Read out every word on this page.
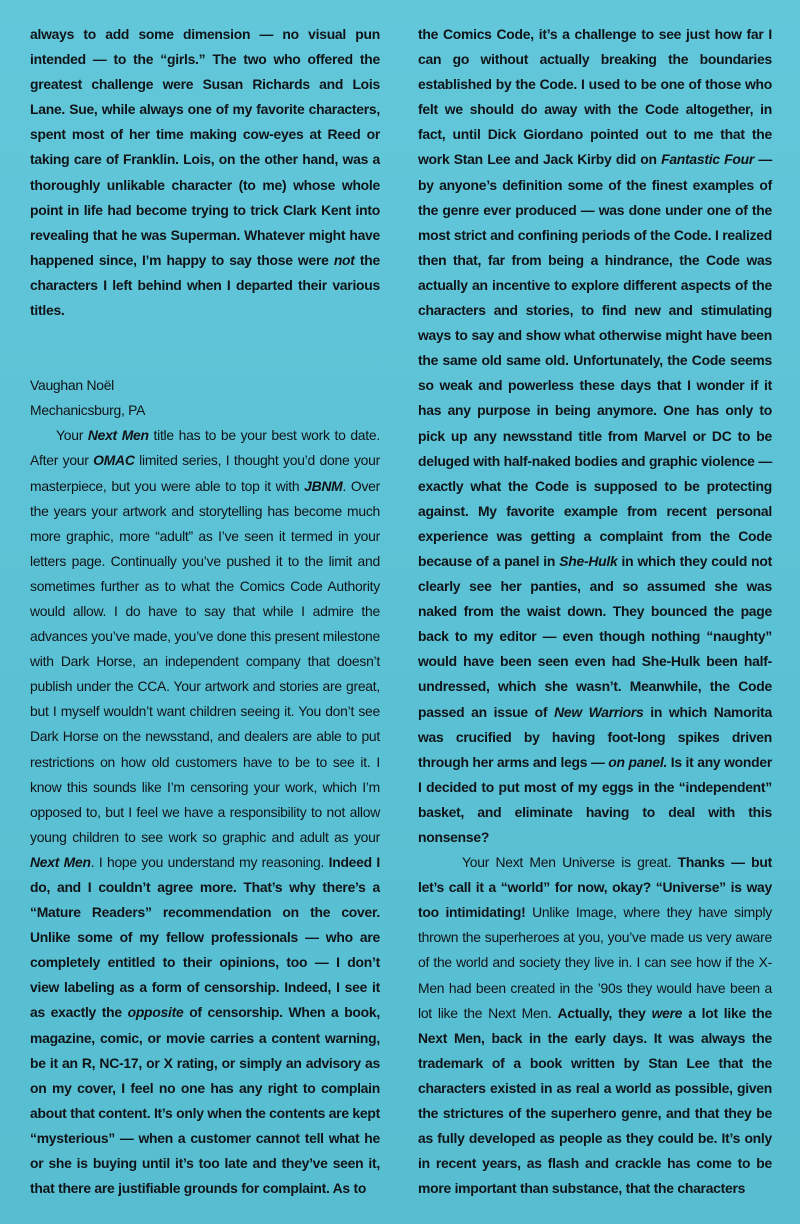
always to add some dimension — no visual pun intended — to the “girls.” The two who offered the greatest challenge were Susan Richards and Lois Lane. Sue, while always one of my favorite characters, spent most of her time making cow-eyes at Reed or taking care of Franklin. Lois, on the other hand, was a thoroughly unlikable character (to me) whose whole point in life had become trying to trick Clark Kent into revealing that he was Superman. Whatever might have happened since, I’m happy to say those were not the characters I left behind when I departed their various titles.

Vaughan Noël
Mechanicsburg, PA

Your Next Men title has to be your best work to date. After your OMAC limited series, I thought you’d done your masterpiece, but you were able to top it with JBNM. Over the years your artwork and storytelling has become much more graphic, more “adult” as I’ve seen it termed in your letters page. Continually you’ve pushed it to the limit and sometimes further as to what the Comics Code Authority would allow. I do have to say that while I admire the advances you’ve made, you’ve done this present milestone with Dark Horse, an independent company that doesn’t publish under the CCA. Your artwork and stories are great, but I myself wouldn’t want children seeing it. You don’t see Dark Horse on the newsstand, and dealers are able to put restrictions on how old customers have to be to see it. I know this sounds like I’m censoring your work, which I’m opposed to, but I feel we have a responsibility to not allow young children to see work so graphic and adult as your Next Men. I hope you understand my reasoning. Indeed I do, and I couldn’t agree more. That’s why there’s a “Mature Readers” recommendation on the cover. Unlike some of my fellow professionals — who are completely entitled to their opinions, too — I don’t view labeling as a form of censorship. Indeed, I see it as exactly the opposite of censorship. When a book, magazine, comic, or movie carries a content warning, be it an R, NC-17, or X rating, or simply an advisory as on my cover, I feel no one has any right to complain about that content. It’s only when the contents are kept “mysterious” — when a customer cannot tell what he or she is buying until it’s too late and they’ve seen it, that there are justifiable grounds for complaint. As to

the Comics Code, it’s a challenge to see just how far I can go without actually breaking the boundaries established by the Code. I used to be one of those who felt we should do away with the Code altogether, in fact, until Dick Giordano pointed out to me that the work Stan Lee and Jack Kirby did on Fantastic Four — by anyone’s definition some of the finest examples of the genre ever produced — was done under one of the most strict and confining periods of the Code. I realized then that, far from being a hindrance, the Code was actually an incentive to explore different aspects of the characters and stories, to find new and stimulating ways to say and show what otherwise might have been the same old same old. Unfortunately, the Code seems so weak and powerless these days that I wonder if it has any purpose in being anymore. One has only to pick up any newsstand title from Marvel or DC to be deluged with half-naked bodies and graphic violence — exactly what the Code is supposed to be protecting against. My favorite example from recent personal experience was getting a complaint from the Code because of a panel in She-Hulk in which they could not clearly see her panties, and so assumed she was naked from the waist down. They bounced the page back to my editor — even though nothing “naughty” would have been seen even had She-Hulk been half-undressed, which she wasn’t. Meanwhile, the Code passed an issue of New Warriors in which Namorita was crucified by having foot-long spikes driven through her arms and legs — on panel. Is it any wonder I decided to put most of my eggs in the “independent” basket, and eliminate having to deal with this nonsense?

Your Next Men Universe is great. Thanks — but let’s call it a “world” for now, okay? “Universe” is way too intimidating! Unlike Image, where they have simply thrown the superheroes at you, you’ve made us very aware of the world and society they live in. I can see how if the X-Men had been created in the ’90s they would have been a lot like the Next Men. Actually, they were a lot like the Next Men, back in the early days. It was always the trademark of a book written by Stan Lee that the characters existed in as real a world as possible, given the strictures of the superhero genre, and that they be as fully developed as people as they could be. It’s only in recent years, as flash and crackle has come to be more important than substance, that the characters
